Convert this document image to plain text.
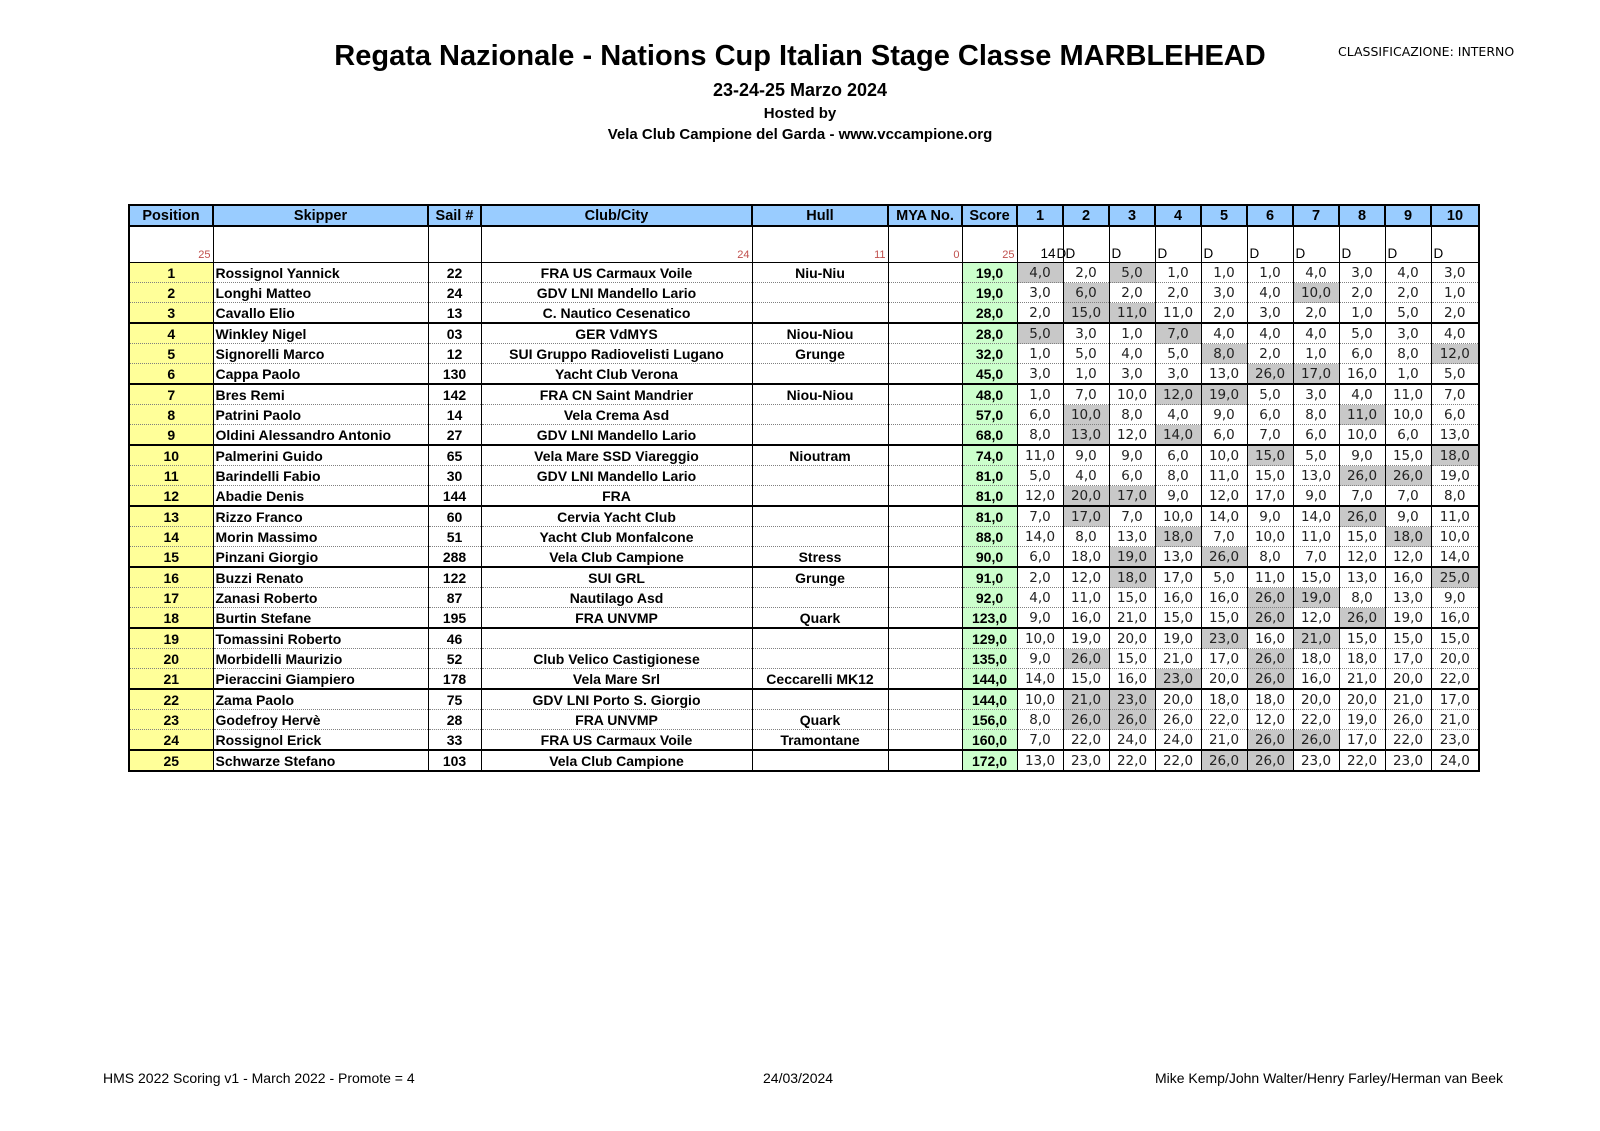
Regata Nazionale - Nations Cup Italian Stage Classe MARBLEHEAD
23-24-25 Marzo 2024
Hosted by
Vela Club Campione del Garda - www.vccampione.org
CLASSIFICAZIONE: INTERNO
Position	Skipper	Sail #	Club/City	Hull	MYA No.	Score	1	2	3	4	5	6	7	8	9	10
25			24	11	0	25	14D	D	D	D	D	D	D	D	D	D
1	Rossignol Yannick	22	FRA US Carmaux Voile	Niu-Niu		19,0	4,0	2,0	5,0	1,0	1,0	1,0	4,0	3,0	4,0	3,0
2	Longhi Matteo	24	GDV LNI Mandello Lario			19,0	3,0	6,0	2,0	2,0	3,0	4,0	10,0	2,0	2,0	1,0
3	Cavallo Elio	13	C. Nautico Cesenatico			28,0	2,0	15,0	11,0	11,0	2,0	3,0	2,0	1,0	5,0	2,0
4	Winkley Nigel	03	GER VdMYS	Niou-Niou		28,0	5,0	3,0	1,0	7,0	4,0	4,0	4,0	5,0	3,0	4,0
5	Signorelli Marco	12	SUI Gruppo Radiovelisti Lugano	Grunge		32,0	1,0	5,0	4,0	5,0	8,0	2,0	1,0	6,0	8,0	12,0
6	Cappa Paolo	130	Yacht Club Verona			45,0	3,0	1,0	3,0	3,0	13,0	26,0	17,0	16,0	1,0	5,0
7	Bres Remi	142	FRA CN Saint Mandrier	Niou-Niou		48,0	1,0	7,0	10,0	12,0	19,0	5,0	3,0	4,0	11,0	7,0
8	Patrini Paolo	14	Vela Crema Asd			57,0	6,0	10,0	8,0	4,0	9,0	6,0	8,0	11,0	10,0	6,0
9	Oldini Alessandro Antonio	27	GDV LNI Mandello Lario			68,0	8,0	13,0	12,0	14,0	6,0	7,0	6,0	10,0	6,0	13,0
10	Palmerini Guido	65	Vela Mare SSD Viareggio	Nioutram		74,0	11,0	9,0	9,0	6,0	10,0	15,0	5,0	9,0	15,0	18,0
11	Barindelli Fabio	30	GDV LNI Mandello Lario			81,0	5,0	4,0	6,0	8,0	11,0	15,0	13,0	26,0	26,0	19,0
12	Abadie Denis	144	FRA			81,0	12,0	20,0	17,0	9,0	12,0	17,0	9,0	7,0	7,0	8,0
13	Rizzo Franco	60	Cervia Yacht Club			81,0	7,0	17,0	7,0	10,0	14,0	9,0	14,0	26,0	9,0	11,0
14	Morin Massimo	51	Yacht Club Monfalcone			88,0	14,0	8,0	13,0	18,0	7,0	10,0	11,0	15,0	18,0	10,0
15	Pinzani Giorgio	288	Vela Club Campione	Stress		90,0	6,0	18,0	19,0	13,0	26,0	8,0	7,0	12,0	12,0	14,0
16	Buzzi Renato	122	SUI GRL	Grunge		91,0	2,0	12,0	18,0	17,0	5,0	11,0	15,0	13,0	16,0	25,0
17	Zanasi Roberto	87	Nautilago Asd			92,0	4,0	11,0	15,0	16,0	16,0	26,0	19,0	8,0	13,0	9,0
18	Burtin Stefane	195	FRA UNVMP	Quark		123,0	9,0	16,0	21,0	15,0	15,0	26,0	12,0	26,0	19,0	16,0
19	Tomassini Roberto	46				129,0	10,0	19,0	20,0	19,0	23,0	16,0	21,0	15,0	15,0	15,0
20	Morbidelli Maurizio	52	Club Velico Castigionese			135,0	9,0	26,0	15,0	21,0	17,0	26,0	18,0	18,0	17,0	20,0
21	Pieraccini Giampiero	178	Vela Mare Srl	Ceccarelli MK12		144,0	14,0	15,0	16,0	23,0	20,0	26,0	16,0	21,0	20,0	22,0
22	Zama Paolo	75	GDV LNI Porto S. Giorgio			144,0	10,0	21,0	23,0	20,0	18,0	18,0	20,0	20,0	21,0	17,0
23	Godefroy Hervè	28	FRA UNVMP	Quark		156,0	8,0	26,0	26,0	26,0	22,0	12,0	22,0	19,0	26,0	21,0
24	Rossignol Erick	33	FRA US Carmaux Voile	Tramontane		160,0	7,0	22,0	24,0	24,0	21,0	26,0	26,0	17,0	22,0	23,0
25	Schwarze Stefano	103	Vela Club Campione			172,0	13,0	23,0	22,0	22,0	26,0	26,0	23,0	22,0	23,0	24,0
HMS 2022 Scoring v1 - March 2022 - Promote = 4	24/03/2024	Mike Kemp/John Walter/Henry Farley/Herman van Beek
